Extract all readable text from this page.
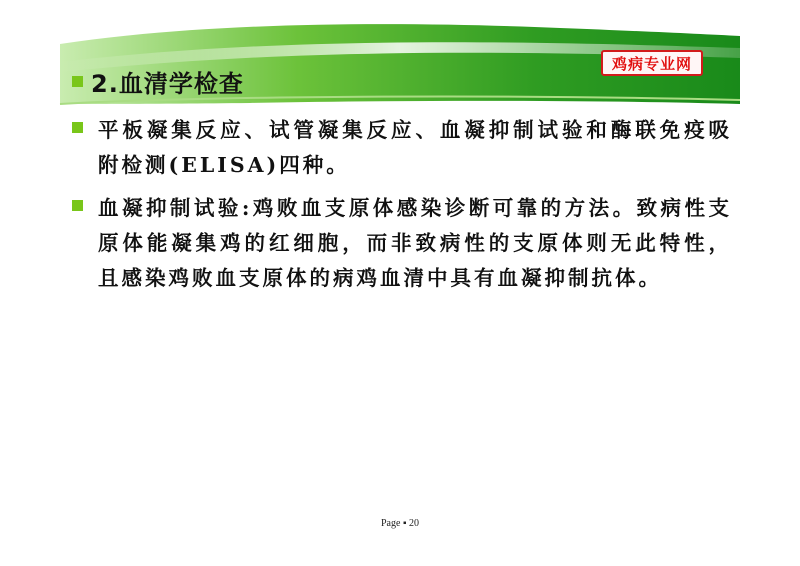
2.血清学检查
鸡病专业网
平板凝集反应、试管凝集反应、血凝抑制试验和酶联免疫吸附检测(ELISA)四种。
血凝抑制试验:鸡败血支原体感染诊断可靠的方法。致病性支原体能凝集鸡的红细胞，而非致病性的支原体则无此特性，且感染鸡败血支原体的病鸡血清中具有血凝抑制抗体。
Page ▪ 20
